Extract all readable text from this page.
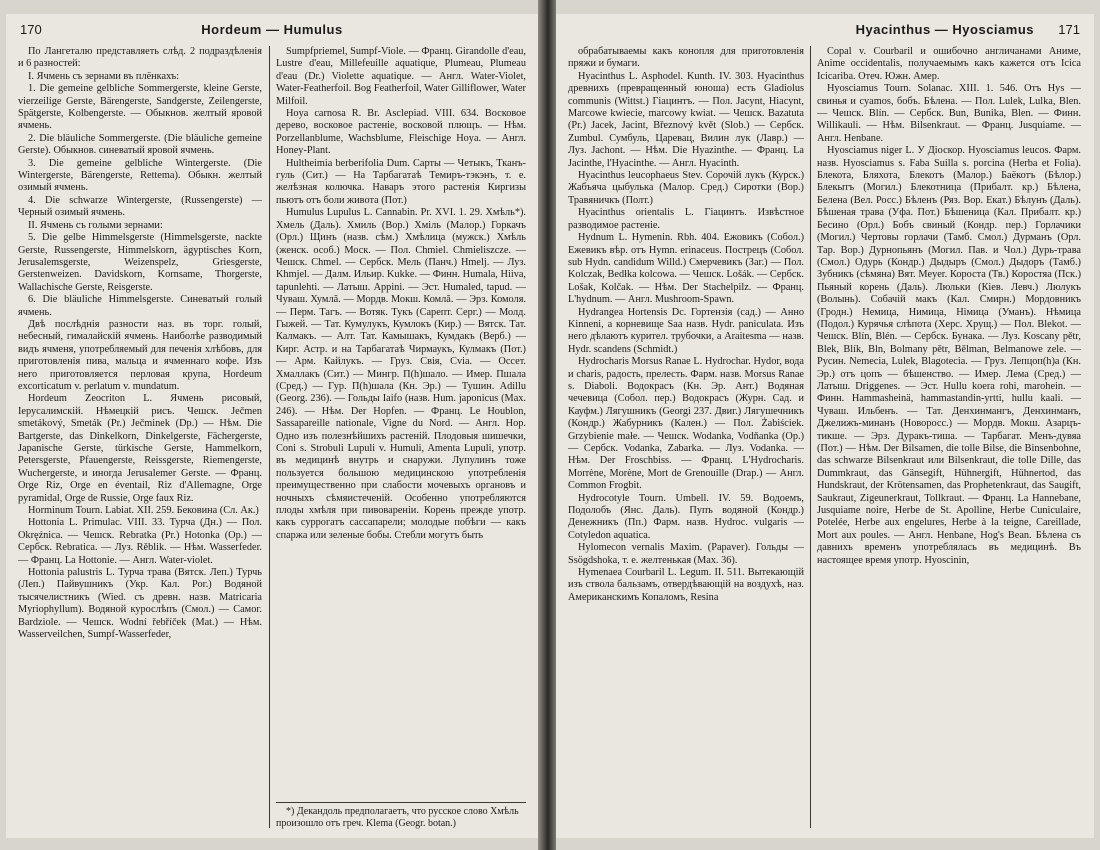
170	Hordeum — Humulus

По Лангеталю представляеть слѣд. 2 подраздѣленія и 6 разностей:

I. Ячмень съ зернами въ плёнкахъ:

1. Die gemeine gelbliche Sommergerste, kleine Gerste, vierzeilige Gerste, Bärengerste, Sandgerste, Zeilengerste, Spätgerste, Kolbengerste. — Обыкнов. желтый яровой ячмень.

2. Die bläuliche Sommergerste. (Die bläuliche gemeine Gerste). Обыкнов. синеватый яровой ячмень.

3. Die gemeine gelbliche Wintergerste. (Die Wintergerste, Bärengerste, Rettema). Обыкн. желтый озимый ячмень.

4. Die schwarze Wintergerste, (Russengerste) — Черный озимый ячмень.

II. Ячмень съ голыми зернами:

5. Die gelbe Himmelsgerste (Himmelsgerste, nackte Gerste, Russengerste, Himmelskorn, ägyptisches Korn, Jerusalemsgerste, Weizenspelz, Griesgerste, Gerstenweizen. Davidskorn, Kornsame, Thorgerste, Wallachische Gerste, Reisgerste.

6. Die bläuliche Himmelsgerste. Синеватый голый ячмень.

Двѣ послѣднія разности наз. въ торг. голый, небесный, гималайскій ячмень. Наиболѣе разводимый видъ ячменя, употребляемый для печенія хлѣбовъ, для приготовленія пива, мальца и ячменнаго кофе. Изъ него приготовляется перловая крупа, Hordeum excorticatum v. perlatum v. mundatum.

Hordeum Zeocriton L. Ячмень рисовый, Іерусалимскій. Нѣмецкій рисъ. Чешск. Ječmen smetákový, Smeták (Pr.) Ječminek (Dp.) — Нѣм. Die Bartgerste, das Dinkelkorn, Dinkelgerste, Fächergerste, Japanische Gerste, türkische Gerste, Hammelkorn, Petersgerste, Pfauengerste, Reissgerste, Riemengerste, Wuchergerste, и иногда Jerusalemer Gerste. — Франц. Orge Riz, Orge en éventail, Riz d'Allemagne, Orge pyramidal, Orge de Russie, Orge faux Riz.

Horminum Tourn. Labiat. XII. 259. Бековина (Сл. Ак.)

Hottonia L. Primulac. VIII. 33. Турча (Дн.) — Пол. Okręźnica. — Чешск. Rebratka (Pr.) Hotonka (Op.) — Сербск. Rebratica. — Луз. Rěblik. — Нѣм. Wasserfeder. — Франц. La Hottonie. — Англ. Water-violet.

Hottonia palustris L. Турча трава (Вятск. Леп.) Турчь (Леп.) Пайвушникъ (Укр. Кал. Рог.) Водяной тысячелистникъ (Wied. съ древн. назв. Matricaria Myriophyllum). Водяной курослѣпъ (Смол.) — Самог. Bardziole. — Чешск. Wodní řebříček (Mat.) — Нѣм. Wasserveilchen, Sumpf-Wasserfeder,

Sumpfpriemel, Sumpf-Viole. — Франц. Girandolle d'eau, Lustre d'eau, Millefeuille aquatique, Plumeau, Plumeau d'eau (Dr.) Violette aquatique. — Англ. Water-Violet, Water-Featherfoil. Bog Featherfoil, Water Gilliflower, Water Milfoil.

Hoya carnosa R. Br. Asclepiad. VIII. 634. Восковое дерево, восковое растеніе, восковой плющъ. — Нѣм. Porzellanblume, Wachsblume, Fleischige Hoya. — Англ. Honey-Plant.

Hultheimia berberifolia Dum. Сарты — Четыкъ, Тканъ-гуль (Сит.) — На Тарбагатаѣ Темиръ-тэкэнъ, т. е. желѣзная колючка. Наваръ этого растенія Киргизы пьютъ отъ боли живота (Пот.)

Humulus Lupulus L. Cannabin. Pr. XVI. 1. 29. Хмѣль*). Хмель (Даль). Хмиль (Вор.) Хміль (Малор.) Горкачъ (Орл.) Щинъ (назв. сѣм.) Хмѣлица (мужск.) Хмѣль (женск. особ.) Моск. — Пол. Chmiel. Chmieliszcze. — Чешск. Chmel. — Сербск. Мель (Панч.) Hmelj. — Луз. Khmjel. — Далм. Ильир. Kukke. — Финн. Humala, Hiiva, tapunlehti. — Латыш. Appini. — Эст. Humaled, tapud. — Чуваш. Хумлă. — Мордв. Мокш. Комлă. — Эрз. Комоля. — Перм. Тагъ. — Вотяк. Тукъ (Сарепт. Серг.) — Молд. Гыжей. — Тат. Кумулукъ, Кумлокъ (Кир.) — Вятск. Тат. Калмакъ. — Алт. Тат. Камышакъ, Кумдакъ (Верб.) — Кирг. Астр. и на Тарбагатаѣ Чирмаукъ, Кулмакъ (Пот.) — Арм. Кайлукъ. — Груз. Свія, Сviа. — Оссет. Хмаллакъ (Сит.) — Мингр. П(h)шало. — Имер. Пшала (Сред.) — Гур. П(h)шала (Кн. Эр.) — Тушин. Adillu (Georg. 236). — Гольды Іаіfо (назв. Hum. japonicus (Max. 246). — Нѣм. Der Hopfen. — Франц. Le Houblon, Sassapareille nationale, Vigne du Nord. — Англ. Hop. Одно изъ полезнѣйшихъ растеній. Плодовыя шишечки, Coni s. Strobuli Lupuli v. Humuli, Amenta Lupuli, употр. въ медицинѣ внутрь и снаружи. Лупулинъ тоже пользуется большою медицинскою употребленія преимущественно при слабости мочевыхъ органовъ и ночныхъ сѣмяистеченій. Особенно употребляются плоды хмѣля при пивовареніи. Корень прежде употр. какъ суррогатъ сассапарели; молодые побѣги — какъ спаржа или зеленые бобы. Стебли могутъ быть

*) Декандоль предполагаетъ, что русское слово Хмѣль произошло отъ греч. Klema (Geogr. botan.)

Hyacinthus — Hyosciamus	171

обрабатываемы какъ конопля для приготовленія пряжи и бумаги.

Hyacinthus L. Asphodel. Kunth. IV. 303. Hyacinthus древнихъ (превращенный юношa) есть Gladiolus communis (Wittst.) Гіацинтъ. — Пол. Jacynt, Hiacynt, Marcowe kwiecie, marcowy kwiat. — Чешск. Bazatuta (Pr.) Jacek, Jacint, Březnový květ (Slob.) — Сербск. Zumbul. Сумбуль, Царевац, Вилин лук (Лавр.) — Луз. Jachont. — Нѣм. Die Hyazinthe. — Франц. La Jacinthe, l'Hyacinthe. — Англ. Hyacinth.

Hyacinthus leucophaeus Stev. Сорочій лукъ (Курск.) Жабъяча цыбулька (Малор. Сред.) Сиротки (Вор.) Травяничкъ (Полт.)

Hyacinthus orientalis L. Гіацинтъ. Извѣстное разводимое растеніе.

Hydnum L. Hymenin. Rbh. 404. Ежовикъ (Собол.) Ежевикъ вѣр. отъ Hymn. erinaceus. Пострецъ (Собол. sub Hydn. candidum Willd.) Смерчевикъ (Заг.) — Пол. Kolczak, Bedłka kolcowa. — Чешск. Lošák. — Сербск. Lošak, Kolčak. — Нѣм. Der Stachelpilz. — Франц. L'hydnum. — Англ. Mushroom-Spawn.

Hydrangea Hortensis Dc. Гортензія (сад.) — Анно Kinneni, а корневище Saa назв. Hydr. paniculata. Изъ него дѣлаютъ курител. трубочки, а Araitesma — назв. Hydr. scandens (Schmidt.)

Hydrocharis Morsus Ranae L. Hydrochar. Hydor, вода и charis, радость, прелесть. Фарм. назв. Morsus Ranae s. Diaboli. Водокрасъ (Кн. Эр. Ант.) Водяная чечевица (Собол. пер.) Водокрасъ (Журн. Сад. и Кауфм.) Лягушникъ (Georgi 237. Двиг.) Лягушечникъ (Кондр.) Жабурникъ (Кален.) — Пол. Żabiściek. Grzybienie małe. — Чешск. Wodanka, Vodňanka (Op.) — Сербск. Vodanka, Zabarka. — Луз. Vodanka. — Нѣм. Der Froschbiss. — Франц. L'Hydrocharis. Morrène, Morène, Mort de Grenouille (Drap.) — Англ. Common Frogbit.

Hydrocotyle Tourn. Umbell. IV. 59. Водоемъ, Подолобъ (Янс. Даль). Пупъ водяной (Кондр.) Денежникъ (Пп.) Фарм. назв. Hydroc. vulgaris — Cotyledon aquatica.

Hylomecon vernalis Maxim. (Papaver). Гольды — Ssögdshoka, т. е. желтенькая (Max. 36).

Hymenaea Courbaril L. Legum. II. 511. Вытекающій изъ ствола бальзамъ, отвердѣвающій на воздухѣ, наз. Американскимъ Копаломъ, Resina

Copal v. Courbaril и ошибочно англичанами Аниме, Anime occidentalis, получаемымъ какъ кажется отъ Icica Icicariba. Отеч. Южн. Амер.

Hyosciamus Tourn. Solanac. XIII. 1. 546. Отъ Hys — свинья и cyamos, бобъ. Бѣлена. — Пол. Lulek, Lulka, Blen. — Чешск. Blín. — Сербск. Bun, Bunika, Blen. — Финн. Willikauli. — Нѣм. Bilsenkraut. — Франц. Jusquiame. — Англ. Henbane.

Hyosciamus niger L. У Діоскор. Hyosciamus leucos. Фарм. назв. Hyosciamus s. Faba Suilla s. porcina (Herba et Folia). Блекота, Бляхота, Блекотъ (Малор.) Баёкотъ (Бѣлор.) Блекытъ (Могил.) Блекотница (Прибалт. кр.) Бѣлена, Белена (Вел. Росс.) Бѣленъ (Ряз. Вор. Екат.) Бѣлунъ (Даль). Бѣшеная трава (Уфа. Пот.) Бѣшеница (Кал. Прибалт. кр.) Бесино (Орл.) Бобъ свиный (Кондр. пер.) Горлачики (Могил.) Чертовы горлачи (Тамб. Смол.) Дурманъ (Орл. Тар. Вор.) Дурнопьянъ (Могил. Пав. и Чол.) Дурь-трава (Смол.) Одурь (Кондр.) Дыдыръ (Смол.) Дыдоръ (Тамб.) Зубникъ (сѣмяна) Вят. Meyer. Короста (Тв.) Коростяа (Пск.) Пьяный корень (Даль). Люльки (Кіев. Левч.) Люлукъ (Волынь). Собачій макъ (Кал. Смирн.) Мордовникъ (Гродн.) Немица, Нимица, Німица (Уманъ). Нѣмица (Подол.) Курячья слѣпота (Херс. Хрущ.) — Пол. Blekot. — Чешск. Blín, Blén. — Сербск. Бунака. — Луз. Koscany pětr, Blek, Blík, Bln, Bolmany pětr, Bělman, Belmanowe zele. — Русин. Nemecia, Lulek, Blagotecia. — Груз. Лепцоп(h)а (Кн. Эр.) отъ цопъ — бѣшенство. — Имер. Лема (Сред.) — Латыш. Driggenes. — Эст. Hullu koera rohi, marohein. — Финн. Hammasheinä, hammastandin-yrtti, hullu kaali. — Чуваш. Ильбенъ. — Тат. Денхинмангъ, Денхинманъ, Джелижъ-минанъ (Новоросс.) — Мордв. Мокш. Азарцъ-тикше. — Эрз. Дуракъ-тиша. — Тарбагат. Менъ-дувяа (Пот.) — Нѣм. Der Bilsamen, die tolle Bilse, die Binsenbohne, das schwarze Bilsenkraut или Bilsenkraut, die tolle Dille, das Dummkraut, das Gänsegift, Hühnergift, Hühnertod, das Hundskraut, der Krötensamen, das Prophetenkraut, das Saugift, Saukraut, Zigeunerkraut, Tollkraut. — Франц. La Hannebane, Jusquiame noire, Herbe de St. Apolline, Herbe Cuniculaire, Potelée, Herbe aux engelures, Herbe à la teigne, Careillade, Mort aux poules. — Англ. Henbane, Hog's Bean. Бѣлена съ давнихъ временъ употреблялась въ медицинѣ. Въ настоящее время употр. Hyoscinin,
